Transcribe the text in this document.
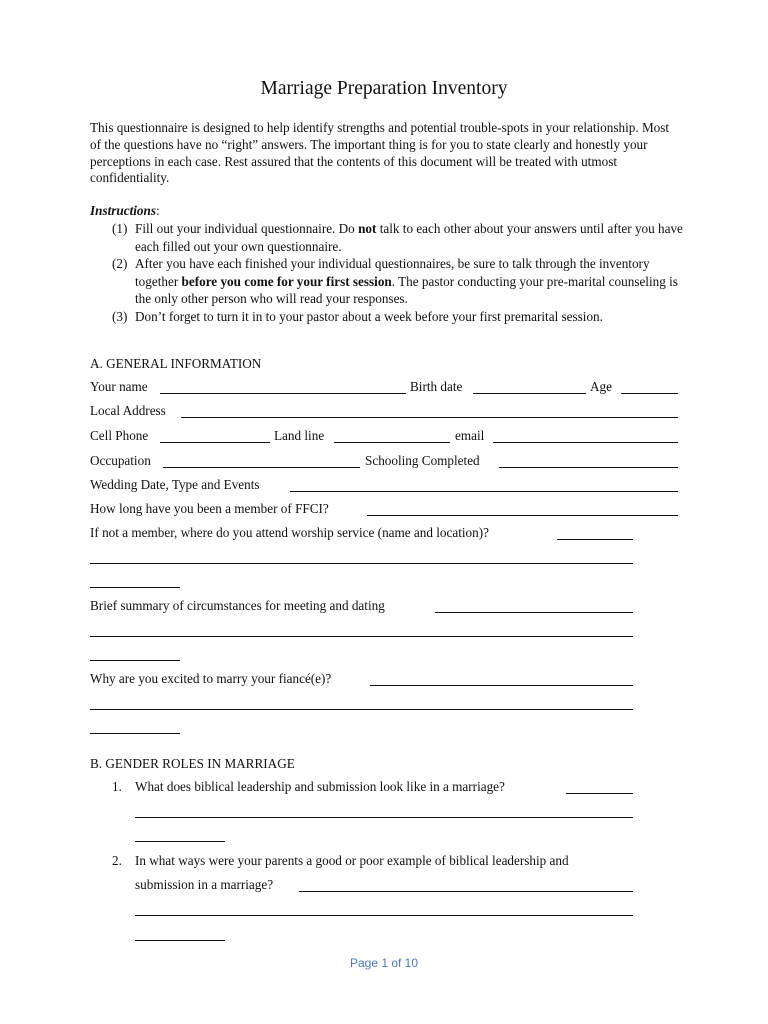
Marriage Preparation Inventory
This questionnaire is designed to help identify strengths and potential trouble-spots in your relationship. Most of the questions have no “right” answers. The important thing is for you to state clearly and honestly your perceptions in each case. Rest assured that the contents of this document will be treated with utmost confidentiality.
Instructions:
(1) Fill out your individual questionnaire. Do not talk to each other about your answers until after you have each filled out your own questionnaire.
(2) After you have each finished your individual questionnaires, be sure to talk through the inventory together before you come for your first session. The pastor conducting your pre-marital counseling is the only other person who will read your responses.
(3) Don’t forget to turn it in to your pastor about a week before your first premarital session.
A. GENERAL INFORMATION
Your name	Birth date	Age
Local Address
Cell Phone	Land line	email
Occupation	Schooling Completed
Wedding Date, Type and Events
How long have you been a member of FFCI?
If not a member, where do you attend worship service (name and location)?
Brief summary of circumstances for meeting and dating
Why are you excited to marry your fiancé(e)?
B. GENDER ROLES IN MARRIAGE
1. What does biblical leadership and submission look like in a marriage?
2. In what ways were your parents a good or poor example of biblical leadership and
submission in a marriage?
Page 1 of 10
